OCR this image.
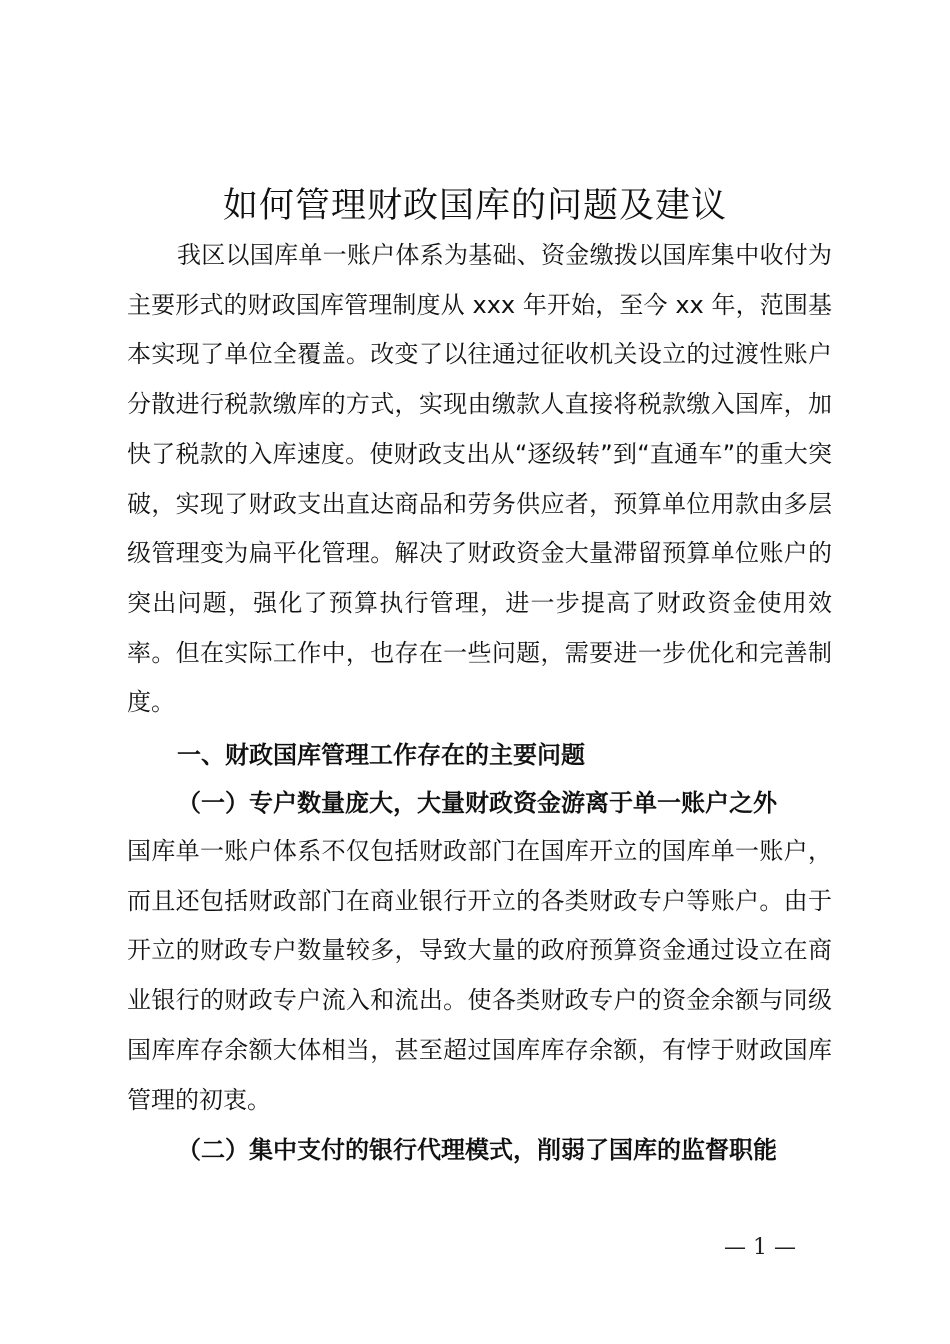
如何管理财政国库的问题及建议

我区以国库单一账户体系为基础、资金缴拨以国库集中收付为主要形式的财政国库管理制度从 xxx 年开始，至今 xx 年，范围基本实现了单位全覆盖。改变了以往通过征收机关设立的过渡性账户分散进行税款缴库的方式，实现由缴款人直接将税款缴入国库，加快了税款的入库速度。使财政支出从“逐级转”到“直通车”的重大突破，实现了财政支出直达商品和劳务供应者，预算单位用款由多层级管理变为扁平化管理。解决了财政资金大量滞留预算单位账户的突出问题，强化了预算执行管理，进一步提高了财政资金使用效率。但在实际工作中，也存在一些问题，需要进一步优化和完善制度。

一、财政国库管理工作存在的主要问题
（一）专户数量庞大，大量财政资金游离于单一账户之外

国库单一账户体系不仅包括财政部门在国库开立的国库单一账户，而且还包括财政部门在商业银行开立的各类财政专户等账户。由于开立的财政专户数量较多，导致大量的政府预算资金通过设立在商业银行的财政专户流入和流出。使各类财政专户的资金余额与同级国库库存余额大体相当，甚至超过国库库存余额，有悖于财政国库管理的初衷。

（二）集中支付的银行代理模式，削弱了国库的监督职能
— 1 —
